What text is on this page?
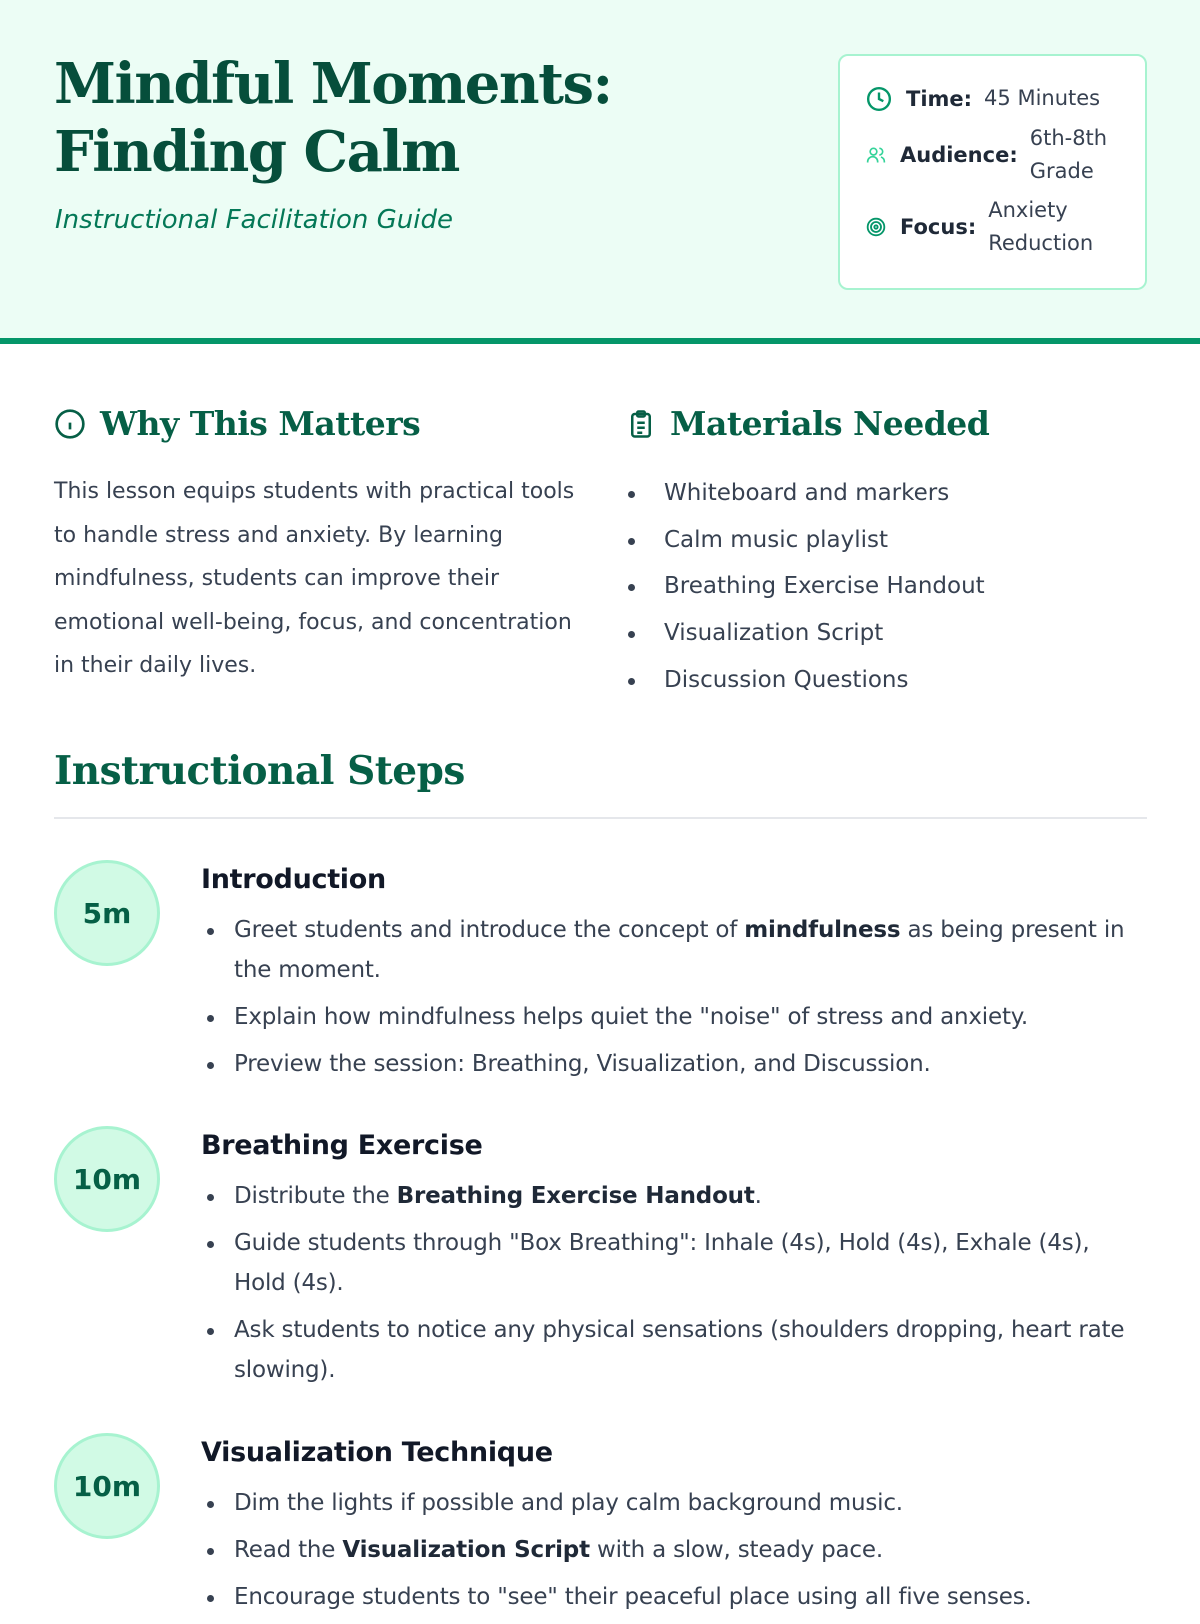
Mindful Moments:
Finding Calm
Instructional Facilitation Guide
Time: 45 Minutes
Audience:
6th-8th Grade
Focus:
Anxiety Reduction
Why This Matters

This lesson equips students with practical tools to handle stress and anxiety. By learning mindfulness, students can improve their emotional well-being, focus, and concentration in their daily lives.

Materials Needed
Whiteboard and markers
Calm music playlist
Breathing Exercise Handout
Visualization Script
Discussion Questions
Instructional Steps
5m
Introduction
Greet students and introduce the concept of mindfulness as being present in the moment.
Explain how mindfulness helps quiet the "noise" of stress and anxiety.
Preview the session: Breathing, Visualization, and Discussion.
10m
Breathing Exercise
Distribute the Breathing Exercise Handout.
Guide students through "Box Breathing": Inhale (4s), Hold (4s), Exhale (4s), Hold (4s).
Ask students to notice any physical sensations (shoulders dropping, heart rate slowing).
10m
Visualization Technique
Dim the lights if possible and play calm background music.
Read the Visualization Script with a slow, steady pace.
Encourage students to "see" their peaceful place using all five senses.
